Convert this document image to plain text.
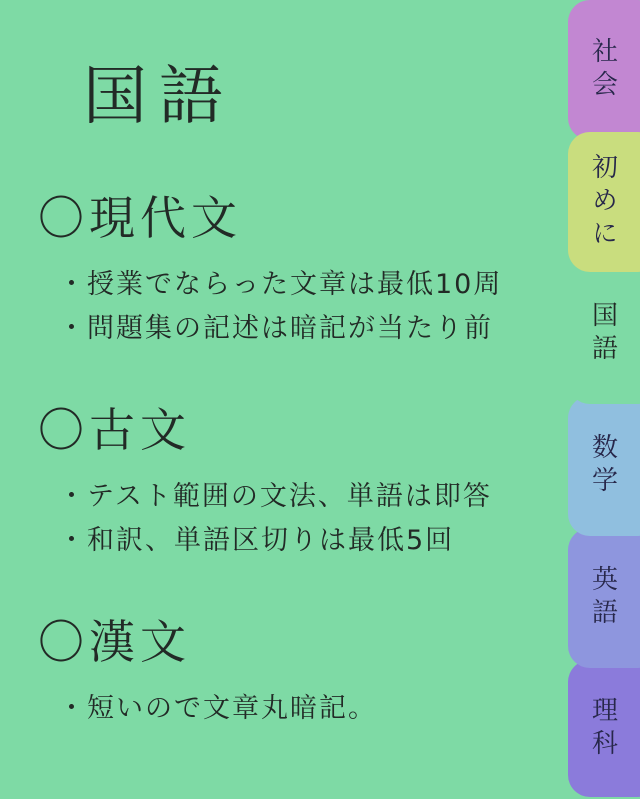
国語
〇現代文
・授業でならった文章は最低10周
・問題集の記述は暗記が当たり前
〇古文
・テスト範囲の文法、単語は即答
・和訳、単語区切りは最低5回
〇漢文
・短いので文章丸暗記。
初めに
国語
数学
英語
理科
社会
